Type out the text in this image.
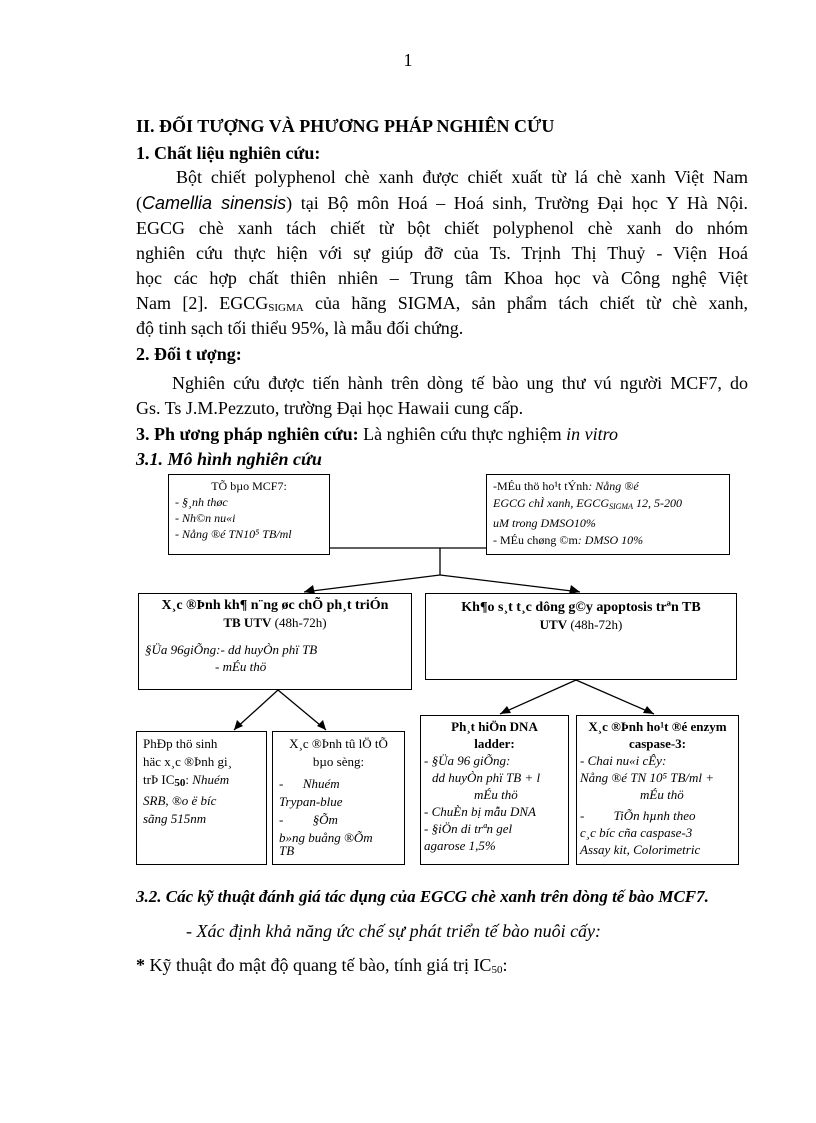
1
II. ĐỐI TƯỢNG VÀ PHƯƠNG PHÁP NGHIÊN CỨU
1. Chất liệu nghiên cứu:
Bột chiết polyphenol chè xanh được chiết xuất từ lá chè xanh Việt Nam
(Camellia sinensis) tại Bộ môn Hoá – Hoá sinh, Trường Đại học Y Hà Nội.
EGCG chè xanh tách chiết từ bột chiết polyphenol chè xanh do nhóm
nghiên cứu thực hiện với sự giúp đỡ của Ts. Trịnh Thị Thuỷ - Viện Hoá
học các hợp chất thiên nhiên – Trung tâm Khoa học và Công nghệ Việt
Nam [2]. EGCGSIGMA của hãng SIGMA, sản phẩm tách chiết từ chè xanh,
độ tinh sạch tối thiểu 95%, là mẫu đối chứng.
2. Đối t ượng:
Nghiên cứu được tiến hành trên dòng tế bào ung thư vú người MCF7, do
Gs. Ts J.M.Pezzuto, trường Đại học Hawaii cung cấp.
3. Ph ương pháp nghiên cứu: Là nghiên cứu thực nghiệm in vitro
3.1. Mô hình nghiên cứu
TÕ bµo MCF7:
- §¸nh thøc
- Nh©n nu«i
- Nång ®é TN10⁵ TB/ml
-MÉu thö ho¹t tÝnh: Nång ®é
EGCG chÌ xanh, $EGCG_{SIGMA}$ 12, 5-200
uM trong DMSO10%
- MÉu chøng ©m: DMSO 10%
X¸c ®Þnh kh¶ n¨ng øc chÕ ph¸t triÓn
TB UTV (48h-72h)
§Üa 96giÕng:- dd huyÒn phï TB
- mÉu thö
Kh¶o s¸t t¸c dông g©y apoptosis trªn TB
UTV (48h-72h)
PhÐp thö sinh
häc x¸c ®Þnh gi¸
trÞ IC50: Nhuém
SRB, ®o ë bíc
sãng 515nm
X¸c ®Þnh tû lÖ tÕ bµo sèng:
-      Nhuém
Trypan-blue
-         §Õm
b»ng buång ®Õm
TB
Ph¸t hiÖn DNA
ladder:
- §Üa 96 giÕng:
dd huyÒn phï TB + l
mÉu thö
- ChuÈn bị mẫu DNA
- §iÖn di trªn gel
agarose 1,5%
X¸c ®Þnh ho¹t ®é enzym
caspase-3:
- Chai nu«i cÊy:
Nång ®é TN 10⁵ TB/ml +
mÉu thö
-         TiÕn hµnh theo
c¸c bíc cña caspase-3
Assay kit, Colorimetric
3.2. Các kỹ thuật đánh giá tác dụng của EGCG chè xanh trên dòng tế bào MCF7.
- Xác định khả năng ức chế sự phát triển tế bào nuôi cấy:
* Kỹ thuật đo mật độ quang tế bào, tính giá trị IC50:
